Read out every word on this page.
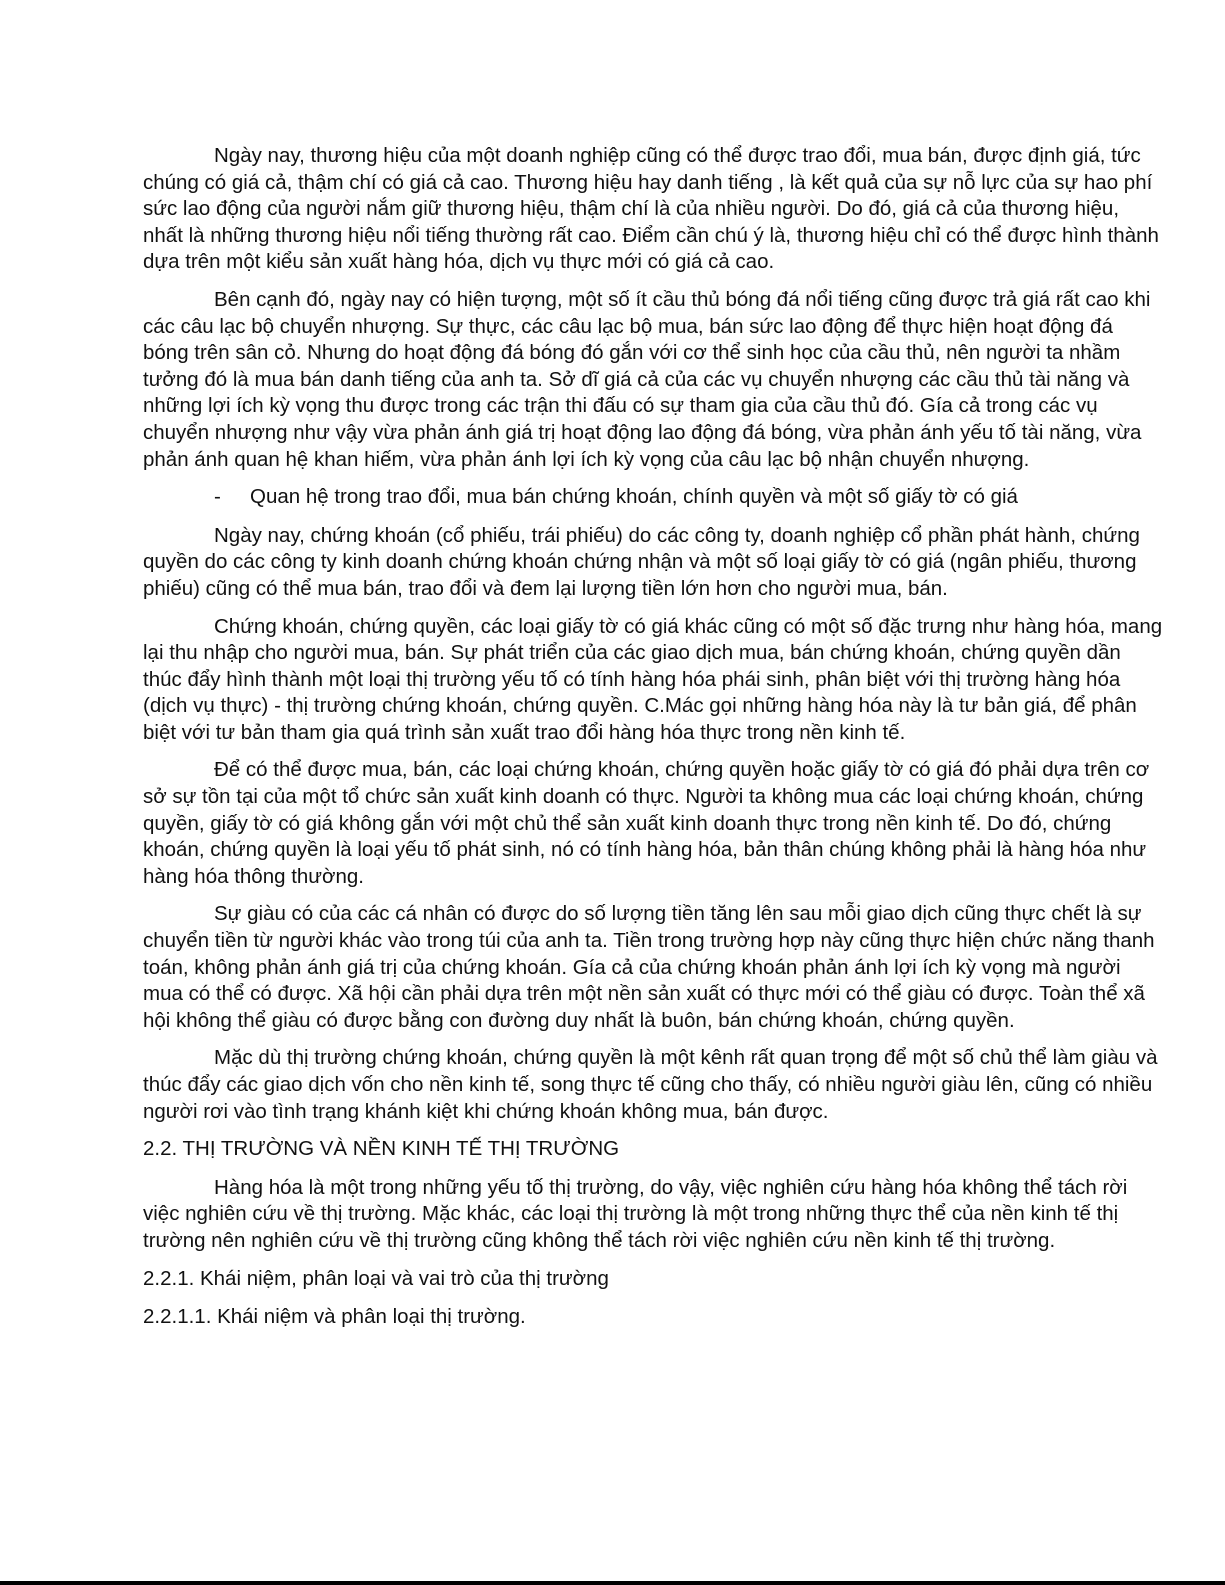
Ngày nay, thương hiệu của một doanh nghiệp cũng có thể được trao đổi, mua bán, được định giá, tức chúng có giá cả, thậm chí có giá cả cao. Thương hiệu hay danh tiếng , là kết quả của sự nỗ lực của sự hao phí sức lao động của người nắm giữ thương hiệu, thậm chí là của nhiều người. Do đó, giá cả của thương hiệu, nhất là những thương hiệu nổi tiếng thường rất cao. Điểm cần chú ý là, thương hiệu chỉ có thể được hình thành dựa trên một kiểu sản xuất hàng hóa, dịch vụ thực mới có giá cả cao.

Bên cạnh đó, ngày nay có hiện tượng, một số ít cầu thủ bóng đá nổi tiếng cũng được trả giá rất cao khi các câu lạc bộ chuyển nhượng. Sự thực, các câu lạc bộ mua, bán sức lao động để thực hiện hoạt động đá bóng trên sân cỏ. Nhưng do hoạt động đá bóng đó gắn với cơ thể sinh học của cầu thủ, nên người ta nhầm tưởng đó là mua bán danh tiếng của anh ta. Sở dĩ giá cả của các vụ chuyển nhượng các cầu thủ tài năng và những lợi ích kỳ vọng thu được trong các trận thi đấu có sự tham gia của cầu thủ đó. Gía cả trong các vụ chuyển nhượng như vậy vừa phản ánh giá trị hoạt động lao động đá bóng, vừa phản ánh yếu tố tài năng, vừa phản ánh quan hệ khan hiếm, vừa phản ánh lợi ích kỳ vọng của câu lạc bộ nhận chuyển nhượng.

- Quan hệ trong trao đổi, mua bán chứng khoán, chính quyền và một số giấy tờ có giá

Ngày nay, chứng khoán (cổ phiếu, trái phiếu) do các công ty, doanh nghiệp cổ phần phát hành, chứng quyền do các công ty kinh doanh chứng khoán chứng nhận và một số loại giấy tờ có giá (ngân phiếu, thương phiếu) cũng có thể mua bán, trao đổi và đem lại lượng tiền lớn hơn cho người mua, bán.

Chứng khoán, chứng quyền, các loại giấy tờ có giá khác cũng có một số đặc trưng như hàng hóa, mang lại thu nhập cho người mua, bán. Sự phát triển của các giao dịch mua, bán chứng khoán, chứng quyền dần thúc đẩy hình thành một loại thị trường yếu tố có tính hàng hóa phái sinh, phân biệt với thị trường hàng hóa (dịch vụ thực) - thị trường chứng khoán, chứng quyền. C.Mác gọi những hàng hóa này là tư bản giá, để phân biệt với tư bản tham gia quá trình sản xuất trao đổi hàng hóa thực trong nền kinh tế.

Để có thể được mua, bán, các loại chứng khoán, chứng quyền hoặc giấy tờ có giá đó phải dựa trên cơ sở sự tồn tại của một tổ chức sản xuất kinh doanh có thực. Người ta không mua các loại chứng khoán, chứng quyền, giấy tờ có giá không gắn với một chủ thể sản xuất kinh doanh thực trong nền kinh tế. Do đó, chứng khoán, chứng quyền là loại yếu tố phát sinh, nó có tính hàng hóa, bản thân chúng không phải là hàng hóa như hàng hóa thông thường.

Sự giàu có của các cá nhân có được do số lượng tiền tăng lên sau mỗi giao dịch cũng thực chết là sự chuyển tiền từ người khác vào trong túi của anh ta. Tiền trong trường hợp này cũng thực hiện chức năng thanh toán, không phản ánh giá trị của chứng khoán. Gía cả của chứng khoán phản ánh lợi ích kỳ vọng mà người mua có thể có được. Xã hội cần phải dựa trên một nền sản xuất có thực mới có thể giàu có được. Toàn thể xã hội không thể giàu có được bằng con đường duy nhất là buôn, bán chứng khoán, chứng quyền.

Mặc dù thị trường chứng khoán, chứng quyền là một kênh rất quan trọng để một số chủ thể làm giàu và thúc đẩy các giao dịch vốn cho nền kinh tế, song thực tế cũng cho thấy, có nhiều người giàu lên, cũng có nhiều người rơi vào tình trạng khánh kiệt khi chứng khoán không mua, bán được.

2.2. THỊ TRƯỜNG VÀ NỀN KINH TẾ THỊ TRƯỜNG

Hàng hóa là một trong những yếu tố thị trường, do vậy, việc nghiên cứu hàng hóa không thể tách rời việc nghiên cứu về thị trường. Mặc khác, các loại thị trường là một trong những thực thể của nền kinh tế thị trường nên nghiên cứu về thị trường cũng không thể tách rời việc nghiên cứu nền kinh tế thị trường.

2.2.1. Khái niệm, phân loại và vai trò của thị trường
2.2.1.1. Khái niệm và phân loại thị trường.
